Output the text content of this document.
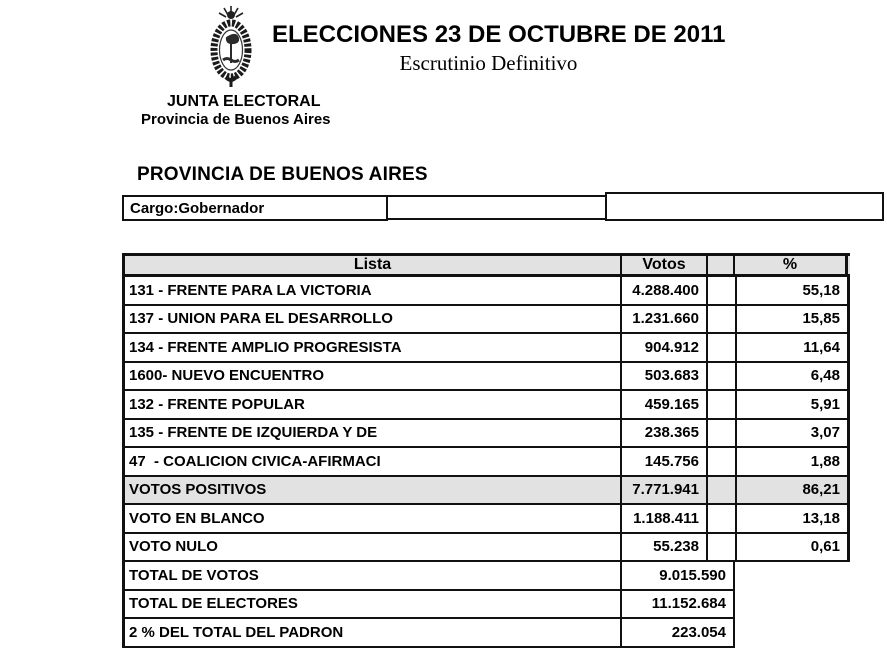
ELECCIONES 23 DE OCTUBRE DE 2011
Escrutinio Definitivo
JUNTA ELECTORAL
Provincia de Buenos Aires
PROVINCIA DE BUENOS AIRES
Cargo:Gobernador
Lista	Votos	%
131 - FRENTE PARA LA VICTORIA	4.288.400	55,18
137 - UNION PARA EL DESARROLLO	1.231.660	15,85
134 - FRENTE AMPLIO PROGRESISTA	904.912	11,64
1600- NUEVO ENCUENTRO	503.683	6,48
132 - FRENTE POPULAR	459.165	5,91
135 - FRENTE DE IZQUIERDA Y DE	238.365	3,07
47  - COALICION CIVICA-AFIRMACI	145.756	1,88
VOTOS POSITIVOS	7.771.941	86,21
VOTO EN BLANCO	1.188.411	13,18
VOTO NULO	55.238	0,61
TOTAL DE VOTOS	9.015.590
TOTAL DE ELECTORES	11.152.684
2 % DEL TOTAL DEL PADRON	223.054
